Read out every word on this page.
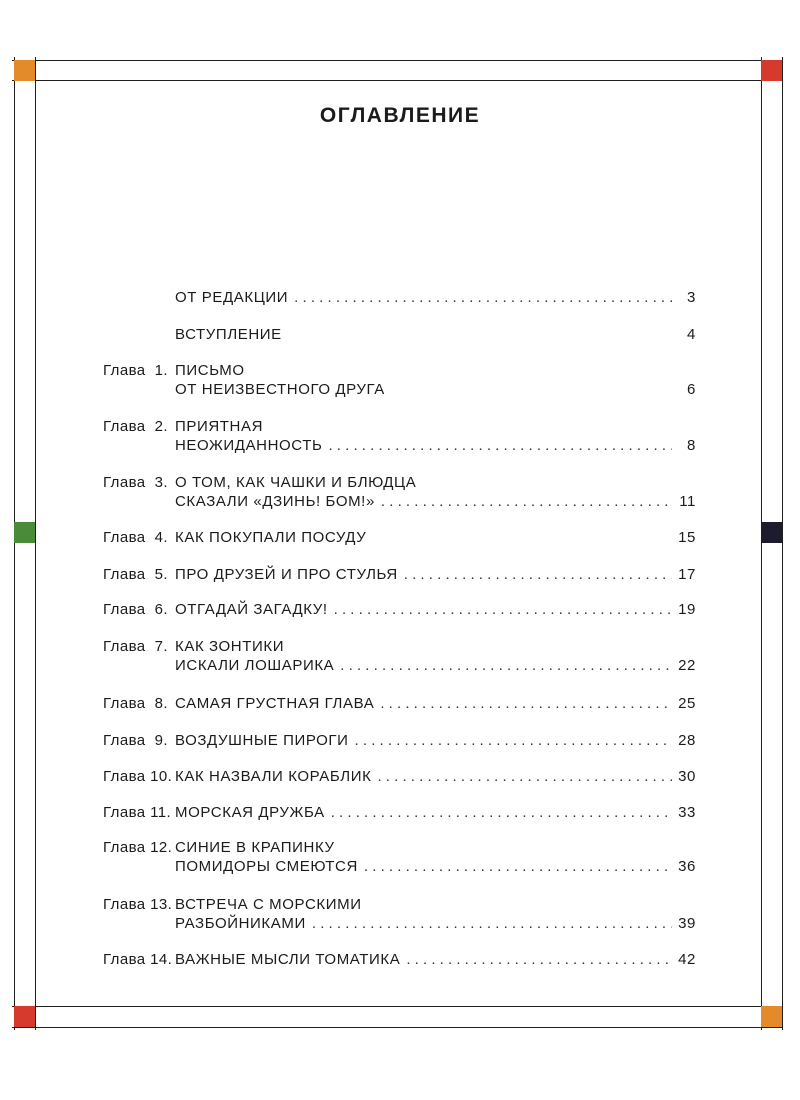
ОГЛАВЛЕНИЕ
ОТ РЕДАКЦИИ . . .	3
ВСТУПЛЕНИЕ	4
Глава  1. ПИСЬМО
ОТ НЕИЗВЕСТНОГО ДРУГА	6
Глава  2. ПРИЯТНАЯ
НЕОЖИДАННОСТЬ . . .	8
Глава  3. О ТОМ, КАК ЧАШКИ И БЛЮДЦА
СКАЗАЛИ «ДЗИНЬ! БОМ!» . . .	11
Глава  4. КАК ПОКУПАЛИ ПОСУДУ	15
Глава  5. ПРО ДРУЗЕЙ И ПРО СТУЛЬЯ . . .	17
Глава  6. ОТГАДАЙ ЗАГАДКУ! . . .	19
Глава  7. КАК ЗОНТИКИ
ИСКАЛИ ЛОШАРИКА . . .	22
Глава  8. САМАЯ ГРУСТНАЯ ГЛАВА . . .	25
Глава  9. ВОЗДУШНЫЕ ПИРОГИ . . .	28
Глава 10. КАК НАЗВАЛИ КОРАБЛИК . . .	30
Глава 11. МОРСКАЯ ДРУЖБА . . .	33
Глава 12. СИНИЕ В КРАПИНКУ
ПОМИДОРЫ СМЕЮТСЯ . . .	36
Глава 13. ВСТРЕЧА С МОРСКИМИ
РАЗБОЙНИКАМИ . . .	39
Глава 14. ВАЖНЫЕ МЫСЛИ ТОМАТИКА . . .	42
